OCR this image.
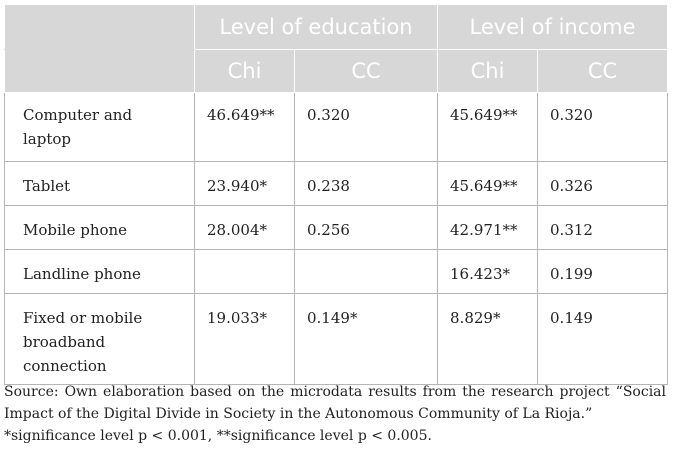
	Level of education		Level of income	
	Chi	CC	Chi	CC
Computer and laptop	46.649**	0.320	45.649**	0.320
Tablet	23.940*	0.238	45.649**	0.326
Mobile phone	28.004*	0.256	42.971**	0.312
Landline phone			16.423*	0.199
Fixed or mobile broadband connection	19.033*	0.149*	8.829*	0.149
Source: Own elaboration based on the microdata results from the research project “Social Impact of the Digital Divide in Society in the Autonomous Community of La Rioja.”
*significance level p < 0.001, **significance level p < 0.005.
